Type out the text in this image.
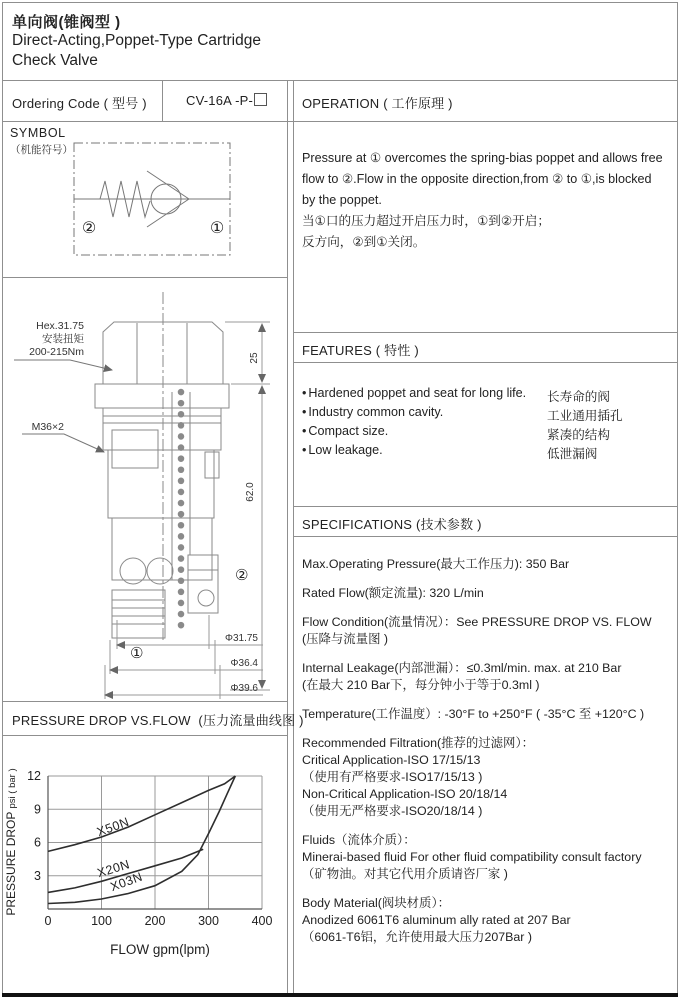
单向阀(锥阀型 )
Direct-Acting,Poppet-Type Cartridge
Check Valve
Ordering Code ( 型号 )	CV-16A -P-
SYMBOL
（机能符号）
②	①
Hex.31.75
安装扭矩
200-215Nm
M36×2
25
62.0
Φ31.75
Φ36.4
Φ39.6
②
①
PRESSURE DROP VS.FLOW  (压力流量曲线图 )
FLOW gpm(lpm)
PRESSURE DROP psi ( bar )
0	100	200	300	400
3
6
9
12
X50N
X20N
X03N
OPERATION ( 工作原理 )
Pressure at ① overcomes the spring-bias poppet and allows free
flow to ②.Flow in the opposite direction,from ② to ①,is blocked
by the poppet.
当①口的压力超过开启压力时，①到②开启；
反方向，②到①关闭。
FEATURES ( 特性 )
• Hardened poppet and seat for long life. 长寿命的阀
• Industry common cavity.	工业通用插孔
• Compact size.	紧凑的结构
• Low leakage.	低泄漏阀
SPECIFICATIONS (技术参数 )
Max.Operating Pressure(最大工作压力): 350 Bar
Rated Flow(额定流量): 320 L/min
Flow Condition(流量情况）：See PRESSURE DROP VS. FLOW
(压降与流量图 )
Internal Leakage(内部泄漏）：≤0.3ml/min. max. at 210 Bar
(在最大 210 Bar下，每分钟小于等于0.3ml )
Temperature(工作温度）: -30°F to +250°F ( -35°C 至 +120°C )
Recommended Filtration(推荐的过滤网）：
Critical Application-ISO 17/15/13
（使用有严格要求-ISO17/15/13 )
Non-Critical Application-ISO 20/18/14
（使用无严格要求-ISO20/18/14 )
Fluids（流体介质）：
Minerai-based fluid For other fluid compatibility consult factory
（矿物油。对其它代用介质请咨厂家 )
Body Material(阀块材质）：
Anodized 6061T6 aluminum ally rated at 207 Bar
（6061-T6铝，允许使用最大压力207Bar )
